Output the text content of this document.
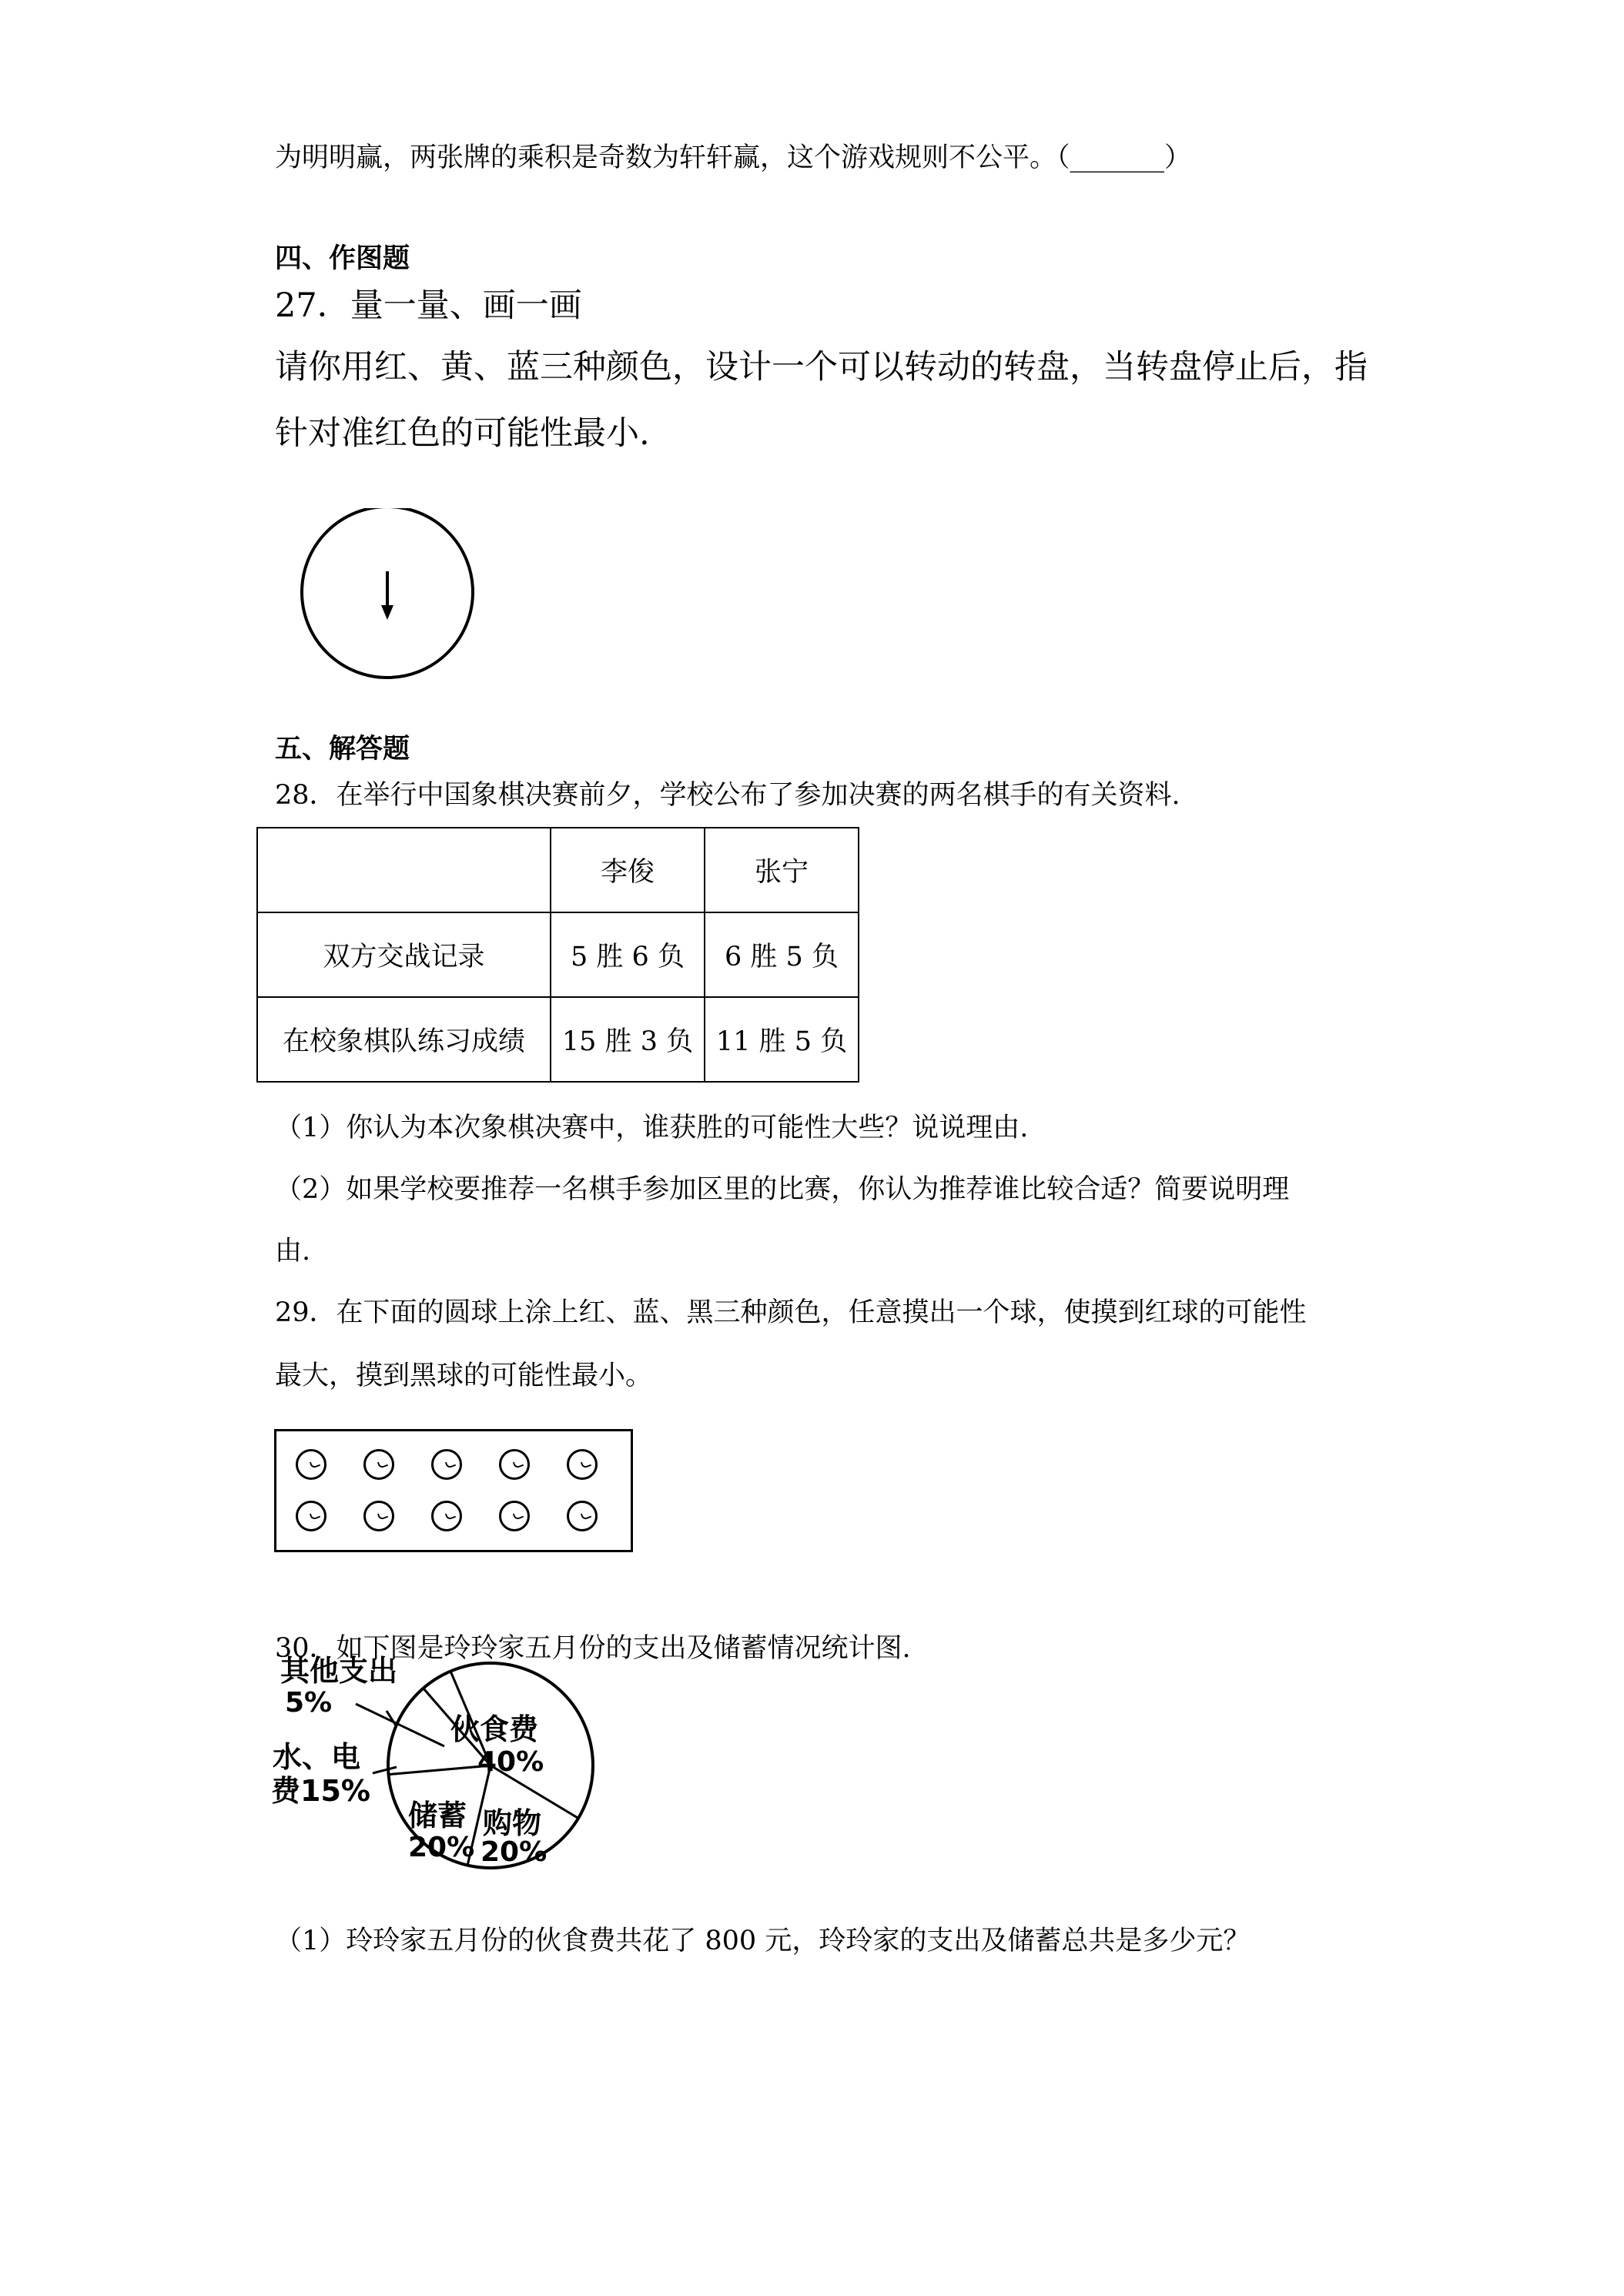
为明明赢，两张牌的乘积是奇数为轩轩赢，这个游戏规则不公平。（_______）
四、作图题
27．量一量、画一画
请你用红、黄、蓝三种颜色，设计一个可以转动的转盘，当转盘停止后，指
针对准红色的可能性最小.
五、解答题
28．在举行中国象棋决赛前夕，学校公布了参加决赛的两名棋手的有关资料.
	李俊	张宁
双方交战记录	5 胜 6 负	6 胜 5 负
在校象棋队练习成绩	15 胜 3 负	11 胜 5 负
（1）你认为本次象棋决赛中，谁获胜的可能性大些？说说理由.
（2）如果学校要推荐一名棋手参加区里的比赛，你认为推荐谁比较合适？简要说明理
由.
29．在下面的圆球上涂上红、蓝、黑三种颜色，任意摸出一个球，使摸到红球的可能性
最大，摸到黑球的可能性最小。
30．如下图是玲玲家五月份的支出及储蓄情况统计图.
其他支出
5%
水、电
费15%
伙食费
40%
储蓄
20%
购物
20%
（1）玲玲家五月份的伙食费共花了 800 元，玲玲家的支出及储蓄总共是多少元？
